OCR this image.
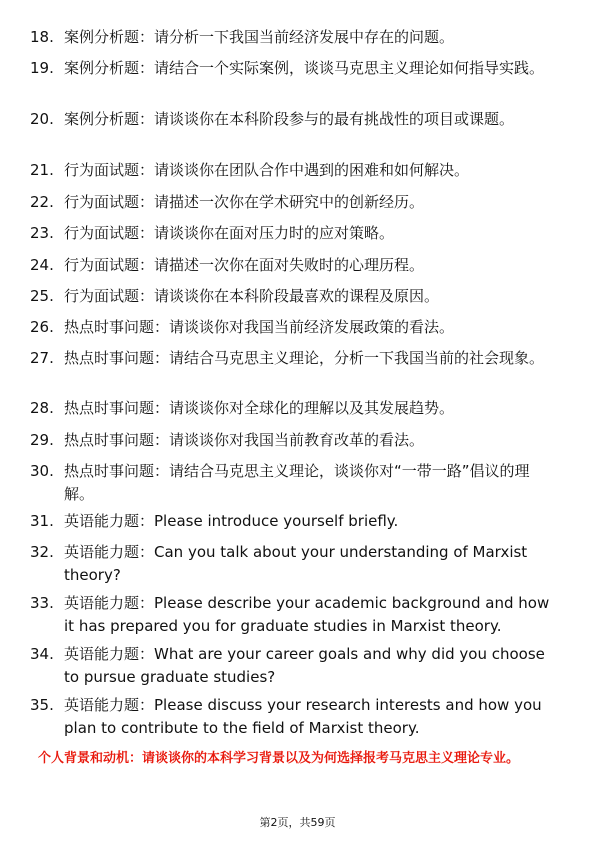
18. 案例分析题：请分析一下我国当前经济发展中存在的问题。
19. 案例分析题：请结合一个实际案例，谈谈马克思主义理论如何指导实践。
20. 案例分析题：请谈谈你在本科阶段参与的最有挑战性的项目或课题。
21. 行为面试题：请谈谈你在团队合作中遇到的困难和如何解决。
22. 行为面试题：请描述一次你在学术研究中的创新经历。
23. 行为面试题：请谈谈你在面对压力时的应对策略。
24. 行为面试题：请描述一次你在面对失败时的心理历程。
25. 行为面试题：请谈谈你在本科阶段最喜欢的课程及原因。
26. 热点时事问题：请谈谈你对我国当前经济发展政策的看法。
27. 热点时事问题：请结合马克思主义理论，分析一下我国当前的社会现象。
28. 热点时事问题：请谈谈你对全球化的理解以及其发展趋势。
29. 热点时事问题：请谈谈你对我国当前教育改革的看法。
30. 热点时事问题：请结合马克思主义理论，谈谈你对“一带一路”倡议的理解。
31. 英语能力题：Please introduce yourself briefly.
32. 英语能力题：Can you talk about your understanding of Marxist theory?
33. 英语能力题：Please describe your academic background and how it has prepared you for graduate studies in Marxist theory.
34. 英语能力题：What are your career goals and why did you choose to pursue graduate studies?
35. 英语能力题：Please discuss your research interests and how you plan to contribute to the field of Marxist theory.
个人背景和动机：请谈谈你的本科学习背景以及为何选择报考马克思主义理论专业。
第2页，共59页
